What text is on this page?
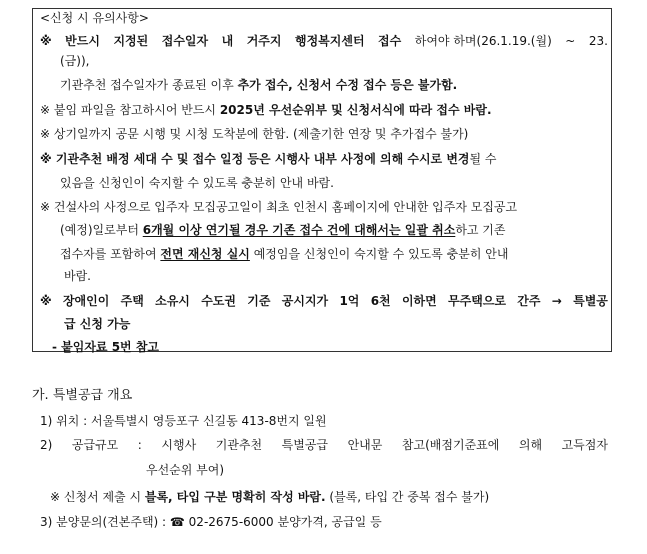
<신청 시 유의사항>
※ 반드시 지정된 접수일자 내 거주지 행정복지센터 접수 하여야 하며(26.1.19.(월) ~ 23.
(금)),
기관추천 접수일자가 종료된 이후 추가 접수, 신청서 수정 접수 등은 불가함.
※ 붙임 파일을 참고하시어 반드시 2025년 우선순위부 및 신청서식에 따라 접수 바람.
※ 상기일까지 공문 시행 및 시청 도착분에 한함. (제출기한 연장 및 추가접수 불가)
※ 기관추천 배정 세대 수 및 접수 일정 등은 시행사 내부 사정에 의해 수시로 변경될 수
있음을 신청인이 숙지할 수 있도록 충분히 안내 바람.
※ 건설사의 사정으로 입주자 모집공고일이 최초 인천시 홈페이지에 안내한 입주자 모집공고
(예정)일로부터 6개월 이상 연기될 경우 기존 접수 건에 대해서는 일괄 취소하고 기존
접수자를 포함하여 전면 재신청 실시 예정임을 신청인이 숙지할 수 있도록 충분히 안내
바람.
※ 장애인이 주택 소유시 수도권 기준 공시지가 1억 6천 이하면 무주택으로 간주 → 특별공
급 신청 가능
- 붙임자료 5번 참고
가. 특별공급 개요
1) 위치 : 서울특별시 영등포구 신길동 413-8번지 일원
2) 공급규모 : 시행사 기관추천 특별공급 안내문 참고(배점기준표에 의해 고득점자
우선순위 부여)
※ 신청서 제출 시 블록, 타입 구분 명확히 작성 바람. (블록, 타입 간 중복 접수 불가)
3) 분양문의(견본주택) : ☎ 02-2675-6000 분양가격, 공급일 등
